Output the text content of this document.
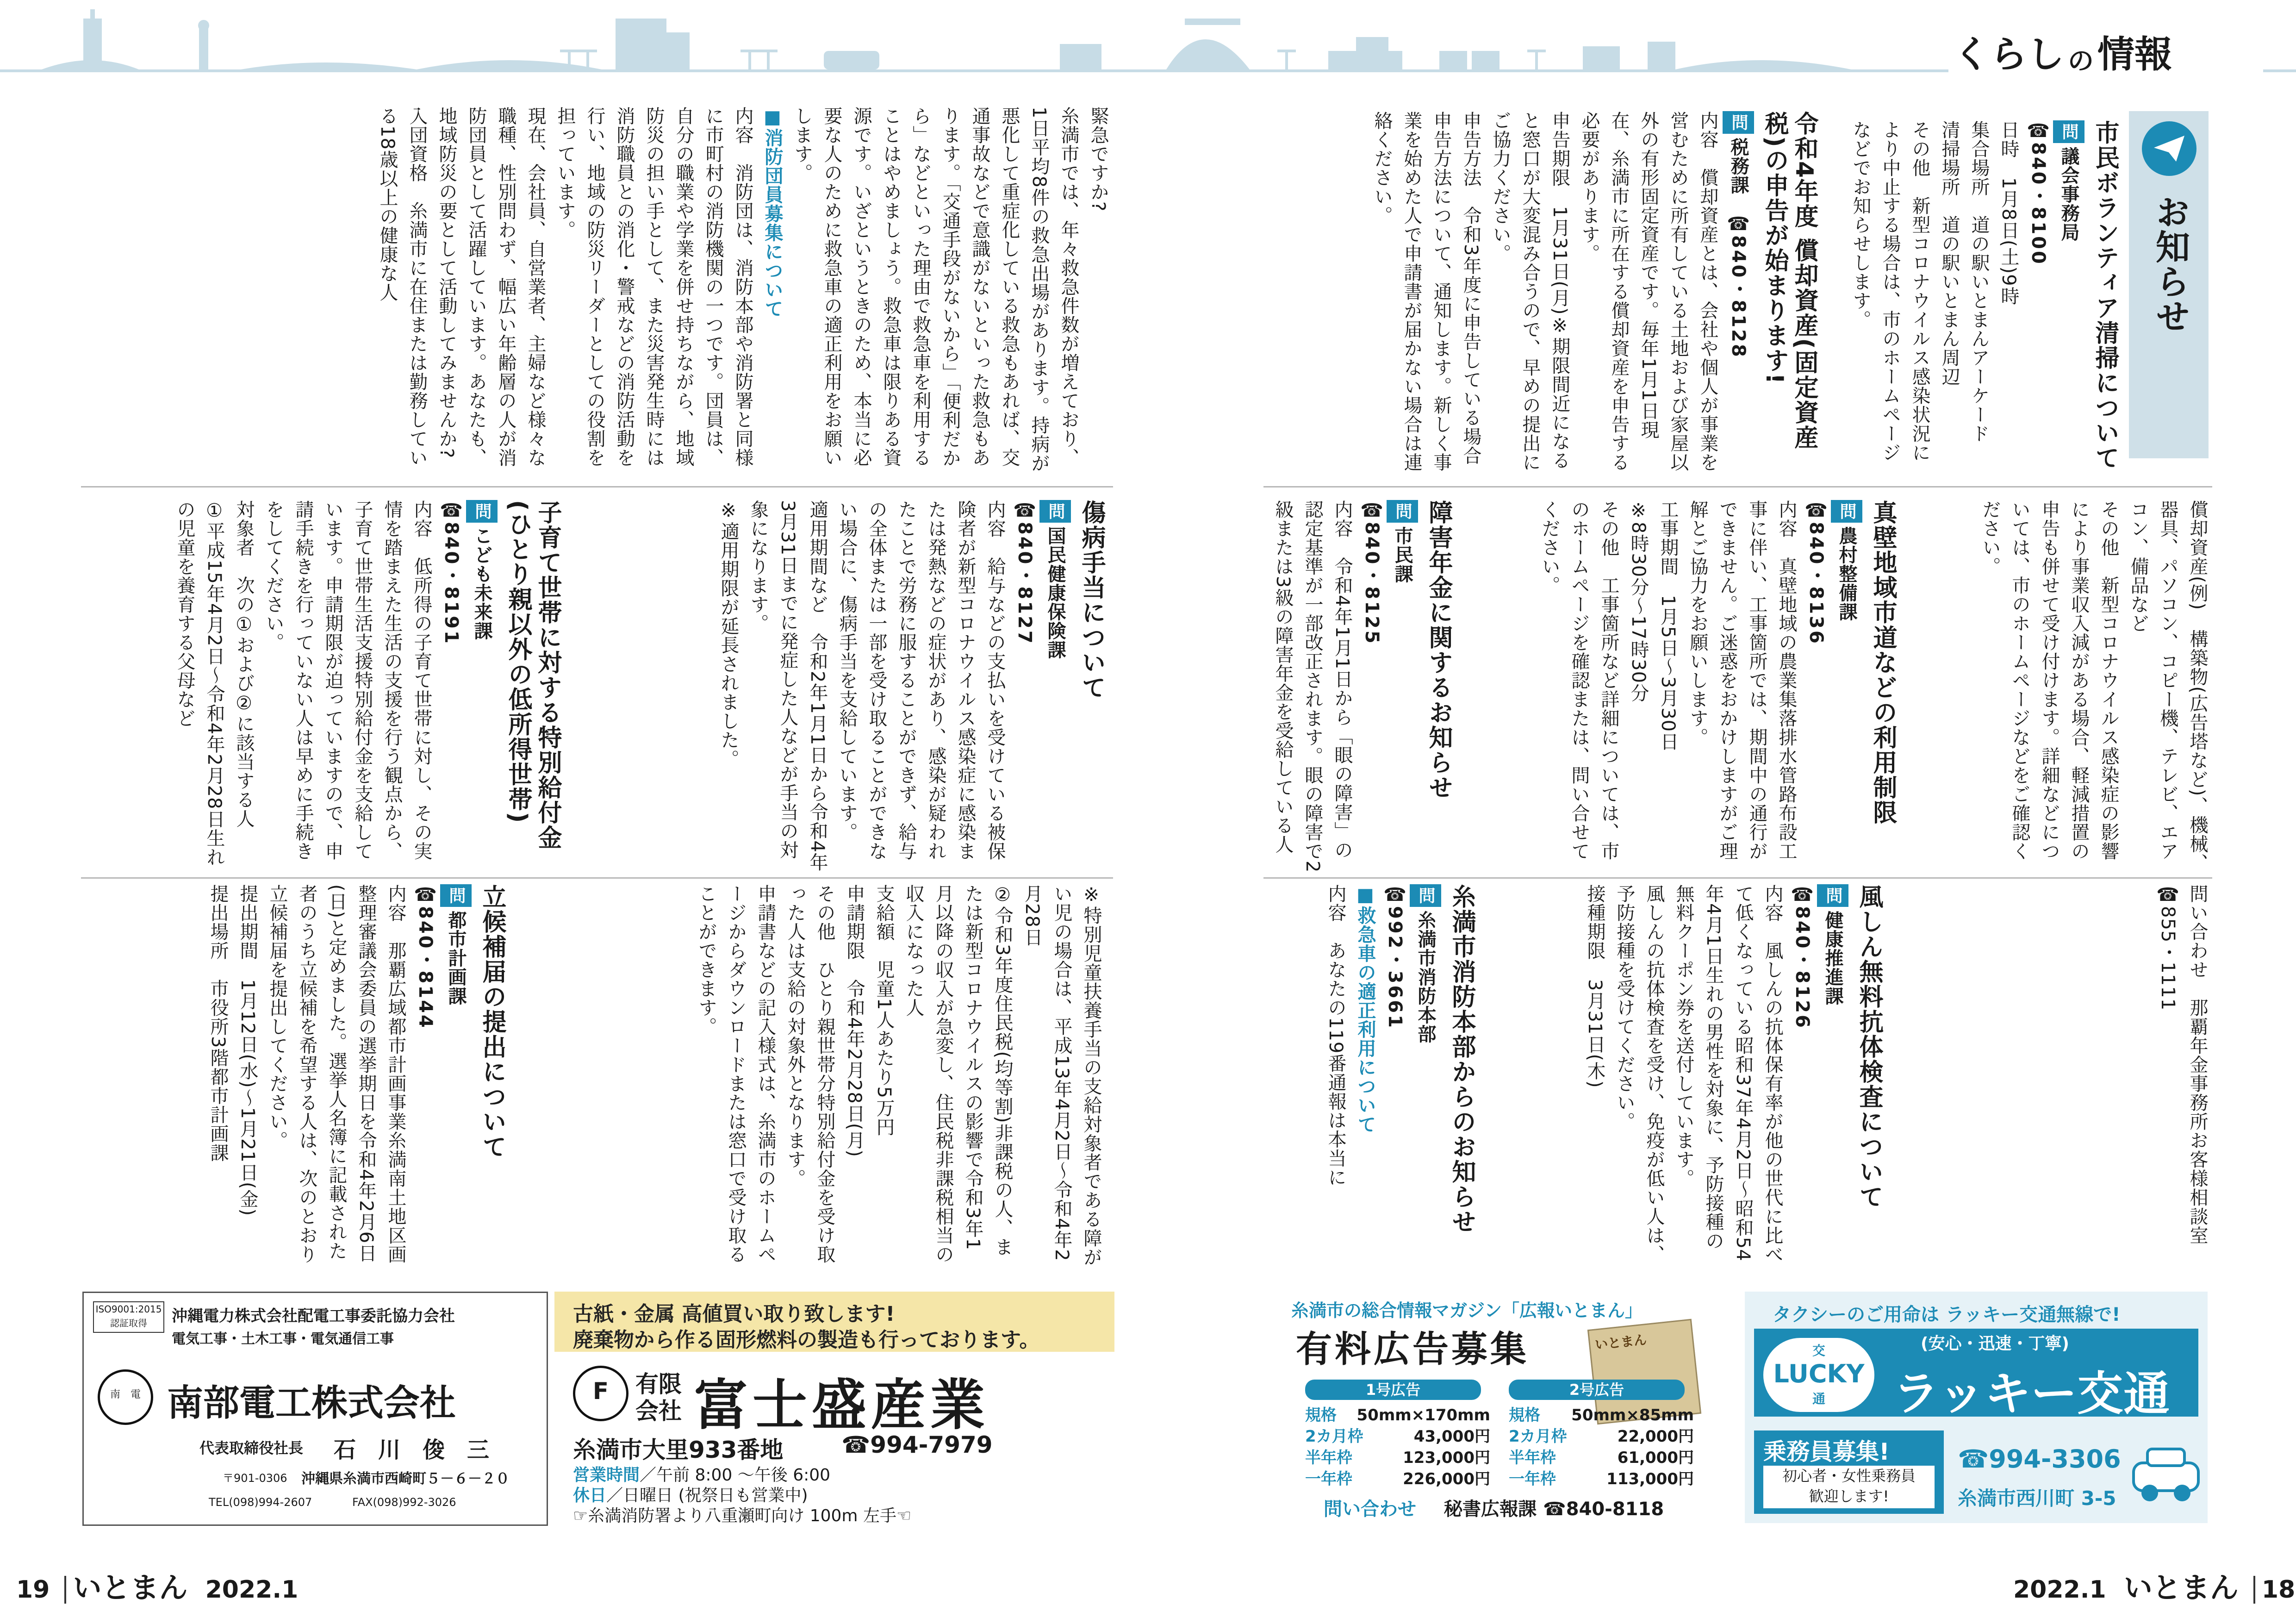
くらし の 情報
お知らせ
市民ボランティア清掃について

問議会事務局

☎840・8100

日時　1月8日(土)9時

集合場所　道の駅いとまんアーケード

清掃場所　道の駅いとまん周辺

その他　新型コロナウイルス感染状況により中止する場合は、市のホームページなどでお知らせします。

令和4年度 償却資産(固定資産税)の申告が始まります!

問税務課　☎840・8128

内容　償却資産とは、会社や個人が事業を営むために所有している土地および家屋以外の有形固定資産です。毎年1月1日現在、糸満市に所在する償却資産を申告する必要があります。

申告期限　1月31日(月)※期限間近になると窓口が大変混み合うので、早めの提出にご協力ください。

申告方法　令和3年度に申告している場合申告方法について、通知します。新しく事業を始めた人で申請書が届かない場合は連絡ください。

償却資産(例)　構築物(広告塔など)、機械、器具、パソコン、コピー機、テレビ、エアコン、備品など

その他　新型コロナウイルス感染症の影響により事業収入減がある場合、軽減措置の申告も併せて受け付けます。詳細などについては、市のホームページなどをご確認ください。

真壁地域市道などの利用制限

問農村整備課

☎840・8136

内容　真壁地域の農業集落排水管路布設工事に伴い、工事箇所では、期間中の通行ができません。ご迷惑をおかけしますがご理解とご協力をお願いします。

工事期間　1月5日〜3月30日

※8時30分〜17時30分

その他　工事箇所など詳細については、市のホームページを確認または、問い合せてください。

障害年金に関するお知らせ

問市民課

☎840・8125

内容　令和4年1月1日から「眼の障害」の認定基準が一部改正されます。眼の障害で2級または3級の障害年金を受給している人

問い合わせ　那覇年金事務所お客様相談室 ☎855・1111

風しん無料抗体検査について

問健康推進課

☎840・8126

内容　風しんの抗体保有率が他の世代に比べて低くなっている昭和37年4月2日〜昭和54年4月1日生れの男性を対象に、予防接種の無料クーポン券を送付しています。

風しんの抗体検査を受け、免疫が低い人は、予防接種を受けてください。

接種期限　3月31日(木)

糸満市消防本部からのお知らせ

問糸満市消防本部

☎992・3661

■救急車の適正利用について

内容　あなたの119番通報は本当に

緊急ですか?

糸満市では、年々救急件数が増えており、1日平均8件の救急出場があります。持病が悪化して重症化している救急もあれば、交通事故などで意識がないといった救急もあります。「交通手段がないから」「便利だから」などといった理由で救急車を利用することはやめましょう。救急車は限りある資源です。いざというときのため、本当に必要な人のために救急車の適正利用をお願いします。

■消防団員募集について

内容　消防団は、消防本部や消防署と同様に市町村の消防機関の一つです。団員は、自分の職業や学業を併せ持ちながら、地域防災の担い手として、また災害発生時には消防職員との消化・警戒などの消防活動を行い、地域の防災リーダーとしての役割を担っています。

現在、会社員、自営業者、主婦など様々な職種、性別問わず、幅広い年齢層の人が消防団員として活躍しています。あなたも、地域防災の要として活動してみませんか?

入団資格　糸満市に在住または勤務している18歳以上の健康な人

傷病手当について

問国民健康保険課

☎840・8127

内容　給与などの支払いを受けている被保険者が新型コロナウイルス感染症に感染または発熱などの症状があり、感染が疑われたことで労務に服することができず、給与の全体または一部を受け取ることができない場合に、傷病手当を支給しています。

適用期間など　令和2年1月1日から令和4年3月31日までに発症した人などが手当の対象になります。

※適用期限が延長されました。

子育て世帯に対する特別給付金(ひとり親以外の低所得世帯)

問こども未来課

☎840・8191

内容　低所得の子育て世帯に対し、その実情を踏まえた生活の支援を行う観点から、子育て世帯生活支援特別給付金を支給しています。申請期限が迫っていますので、申請手続きを行っていない人は早めに手続きをしてください。

対象者　次の①および②に該当する人

①平成15年4月2日〜令和4年2月28日生れの児童を養育する父母など

※特別児童扶養手当の支給対象者である障がい児の場合は、平成13年4月2日〜令和4年2月28日

②令和3年度住民税(均等割)非課税の人、または新型コロナウイルスの影響で令和3年1月以降の収入が急変し、住民税非課税相当の収入になった人

支給額　児童1人あたり5万円

申請期限　令和4年2月28日(月)

その他　ひとり親世帯分特別給付金を受け取った人は支給の対象外となります。

申請書などの記入様式は、糸満市のホームページからダウンロードまたは窓口で受け取ることができます。

立候補届の提出について

問都市計画課

☎840・8144

内容　那覇広域都市計画事業糸満南土地区画整理審議会委員の選挙期日を令和4年2月6日(日)と定めました。選挙人名簿に記載された者のうち立候補を希望する人は、次のとおり立候補届を提出してください。

提出期間　1月12日(水)〜1月21日(金)

提出場所　市役所3階都市計画課

ISO9001:2015
認証取得	沖縄電力株式会社配電工事委託協力会社
電気工事・土木工事・電気通信工事
南　電 南部電工株式会社
代表取締役社長 石　川　俊　三
〒901-0306 沖縄県糸満市西崎町５－６－２０
TEL(098)994-2607	FAX(098)992-3026
古紙・金属 高値買い取り致します!
廃棄物から作る固形燃料の製造も行っております。
F	有限
会社 富士盛産業
糸満市大里933番地	☎994-7979
営業時間／午前 8:00 〜午後 6:00
休日／日曜日 (祝祭日も営業中)
☞糸満消防署より八重瀬町向け 100m 左手☜
糸満市の総合情報マガジン「広報いとまん」
有料広告募集	いとまん
1号広告	2号広告
規格 50mm×170mm
2カ月枠	43,000円
半年枠	123,000円
一年枠	226,000円
規格 50mm×85mm
2カ月枠	22,000円
半年枠	61,000円
一年枠	113,000円
問い合わせ 秘書広報課 ☎840-8118
タクシーのご用命は ラッキー交通無線で!
(安心・迅速・丁寧)
交
LUCKY
通	ラッキー交通
乗務員募集!
初心者・女性乗務員
歓迎します!
☎994-3306
糸満市西川町 3-5
19 いとまん 2022.1	2022.1 いとまん 18
